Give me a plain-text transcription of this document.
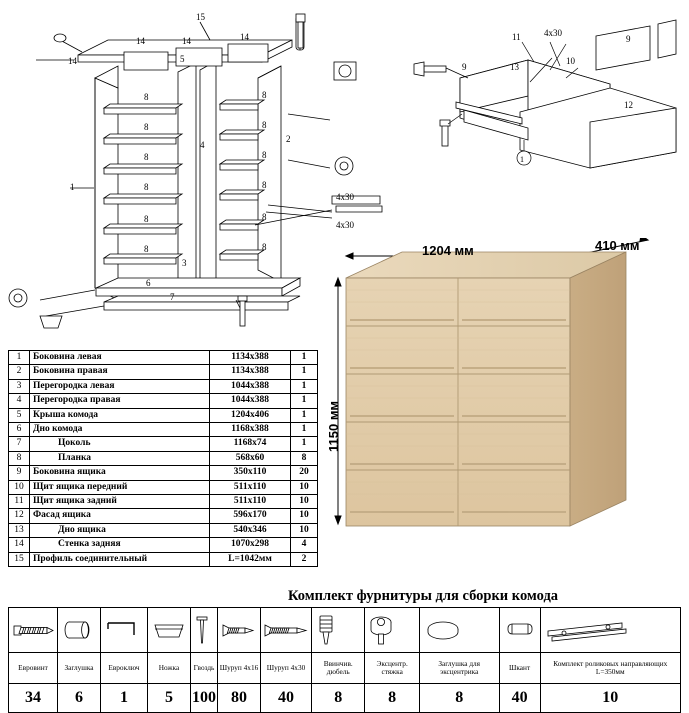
15
14
14	14	14
5
1
8
8
8
8
8
8
8
8
8
8
8
8
2
4
6
7
3
4х30
4х30
11	4х30
9
13
10
9
12
1
1	Боковина левая	1134x388	1
2	Боковина правая	1134x388	1
3	Перегородка левая	1044x388	1
4	Перегородка правая	1044x388	1
5	Крыша комода	1204x406	1
6	Дно комода	1168x388	1
7	Цоколь	1168x74	1
8	Планка	568x60	8
9	Боковина ящика	350x110	20
10	Щит ящика передний	511x110	10
11	Щит ящика задний	511x110	10
12	Фасад ящика	596x170	10
13	Дно ящика	540x346	10
14	Стенка задняя	1070x298	4
15	Профиль соединительный	L=1042мм	2
1204 мм	410 мм
1150 мм
Комплект фурнитуры для сборки комода

Евровинт	Заглушка	Евроключ	Ножка	Гвоздь	Шуруп 4х16	Шуруп 4х30	Ввинчив. дюбель	Эксцентр. стяжка	Заглушка для эксцентрика	Шкант	Комплект роликовых направляющих L=350мм
34	6	1	5	100	80	40	8	8	8	40	10
